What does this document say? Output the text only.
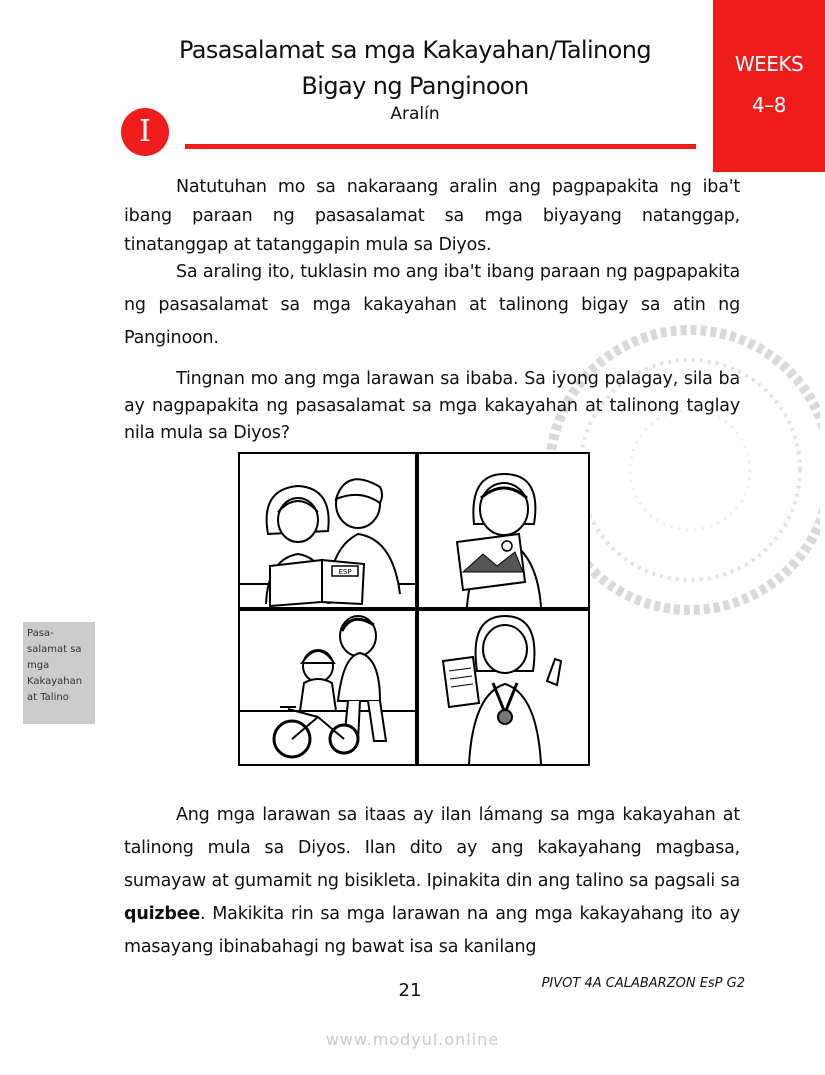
Pasasalamat sa mga Kakayahan/Talinong
Bigay ng Panginoon
WEEKS
4–8
I	Aralín
Natutuhan mo sa nakaraang aralin ang pagpapakita ng iba't ibang paraan ng pasasalamat sa mga biyayang natanggap, tinatanggap at tatanggapin mula sa Diyos.
Sa araling ito, tuklasin mo ang iba't ibang paraan ng pagpapakita ng pasasalamat sa mga kakayahan at talinong bigay sa atin ng Panginoon.
Tingnan mo ang mga larawan sa ibaba. Sa iyong palagay, sila ba ay nagpapakita ng pasasalamat sa mga kakayahan at talinong taglay nila mula sa Diyos?
Pasa-
salamat sa
mga
Kakayahan
at Talino
ESP
Ang mga larawan sa itaas ay ilan lámang sa mga kakayahan at talinong mula sa Diyos. Ilan dito ay ang kakayahang magbasa, sumayaw at gumamit ng bisikleta. Ipinakita din ang talino sa pagsali sa quizbee. Makikita rin sa mga larawan na ang mga kakayahang ito ay masayang ibinabahagi ng bawat isa sa kanilang
21	PIVOT 4A CALABARZON EsP G2
www.modyul.online
